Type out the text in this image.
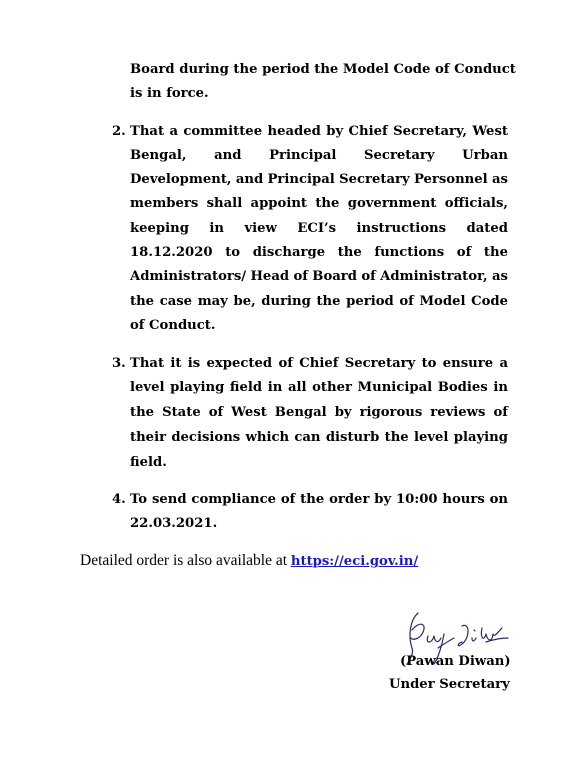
Board during the period the Model Code of Conduct
is in force.
2. That a committee headed by Chief Secretary, West
Bengal, and Principal Secretary Urban
Development, and Principal Secretary Personnel as
members shall appoint the government officials,
keeping in view ECI’s instructions dated
18.12.2020 to discharge the functions of the
Administrators/ Head of Board of Administrator, as
the case may be, during the period of Model Code
of Conduct.
3. That it is expected of Chief Secretary to ensure a
level playing field in all other Municipal Bodies in
the State of West Bengal by rigorous reviews of
their decisions which can disturb the level playing
field.
4. To send compliance of the order by 10:00 hours on
22.03.2021.
Detailed order is also available at https://eci.gov.in/
(Pawan Diwan)
Under Secretary
